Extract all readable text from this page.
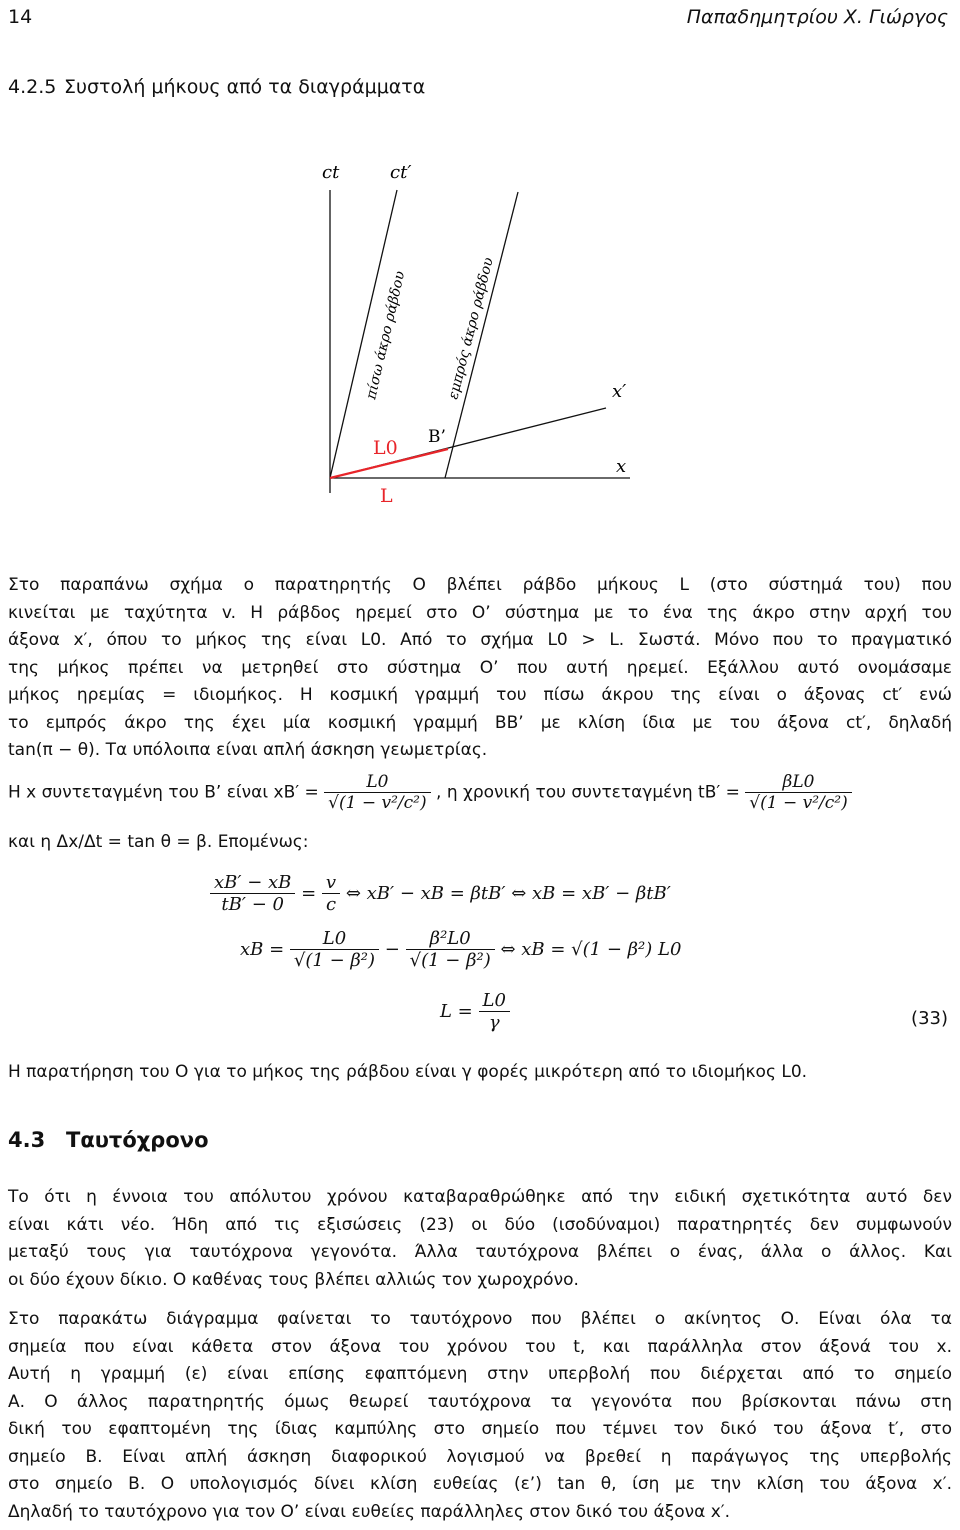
14	Παπαδημητρίου Χ. Γιώργος
4.2.5 Συστολή μήκους από τα διαγράμματα
ct	ct′
x′
x
πίσω άκρο ράβδου	εμπρός άκρο ράβδου
L0 B’
L
Στο παραπάνω σχήμα ο παρατηρητής Ο βλέπει ράβδο μήκους L (στο σύστημά του) που
κινείται με ταχύτητα v. Η ράβδος ηρεμεί στο Ο’ σύστημα με το ένα της άκρο στην αρχή του
άξονα x′, όπου το μήκος της είναι L0. Από το σχήμα L0 > L. Σωστά. Μόνο που το πραγματικό
της μήκος πρέπει να μετρηθεί στο σύστημα Ο’ που αυτή ηρεμεί. Εξάλλου αυτό ονομάσαμε
μήκος ηρεμίας = ιδιομήκος. Η κοσμική γραμμή του πίσω άκρου της είναι ο άξονας ct′ ενώ
το εμπρός άκρο της έχει μία κοσμική γραμμή ΒΒ’ με κλίση ίδια με του άξονα ct′, δηλαδή
tan(π − θ). Τα υπόλοιπα είναι απλή άσκηση γεωμετρίας.
Η x συντεταγμένη του Β’ είναι $xB' = \frac{L0}{\text{√(1 − v²/c²)}}$ , η χρονική του συντεταγμένη $tB' = \frac{\beta L0}{\text{√(1 − v²/c²)}}$
και η Δx/Δt = tan θ = β. Επομένως:
$\frac{xB' - xB}{tB' - 0} = \frac{v}{c}$ ⇔ xB′ − xB = βtB′ ⇔ xB = xB′ − βtB′
xB = $\frac{L0}{\text{√(1 − β²)}} - \frac{\text{β²L0}}{\text{√(1 − β²)}}$ ⇔ xB = √(1 − β²) L0
$L = \frac{L0}{\gamma}$	(33)
Η παρατήρηση του Ο για το μήκος της ράβδου είναι γ φορές μικρότερη από το ιδιομήκος L0.
4.3 Ταυτόχρονο
Το ότι η έννοια του απόλυτου χρόνου καταβαραθρώθηκε από την ειδική σχετικότητα αυτό δεν
είναι κάτι νέο. Ήδη από τις εξισώσεις (23) οι δύο (ισοδύναμοι) παρατηρητές δεν συμφωνούν
μεταξύ τους για ταυτόχρονα γεγονότα. Άλλα ταυτόχρονα βλέπει ο ένας, άλλα ο άλλος. Και
οι δύο έχουν δίκιο. Ο καθένας τους βλέπει αλλιώς τον χωροχρόνο.
Στο παρακάτω διάγραμμα φαίνεται το ταυτόχρονο που βλέπει ο ακίνητος Ο. Είναι όλα τα
σημεία που είναι κάθετα στον άξονα του χρόνου του t, και παράλληλα στον άξονά του x.
Αυτή η γραμμή (ε) είναι επίσης εφαπτόμενη στην υπερβολή που διέρχεται από το σημείο
Α. Ο άλλος παρατηρητής όμως θεωρεί ταυτόχρονα τα γεγονότα που βρίσκονται πάνω στη
δική του εφαπτομένη της ίδιας καμπύλης στο σημείο που τέμνει τον δικό του άξονα t′, στο
σημείο Β. Είναι απλή άσκηση διαφορικού λογισμού να βρεθεί η παράγωγος της υπερβολής
στο σημείο Β. Ο υπολογισμός δίνει κλίση ευθείας (ε’) tan θ, ίση με την κλίση του άξονα x′.
Δηλαδή το ταυτόχρονο για τον Ο’ είναι ευθείες παράλληλες στον δικό του άξονα x′.
